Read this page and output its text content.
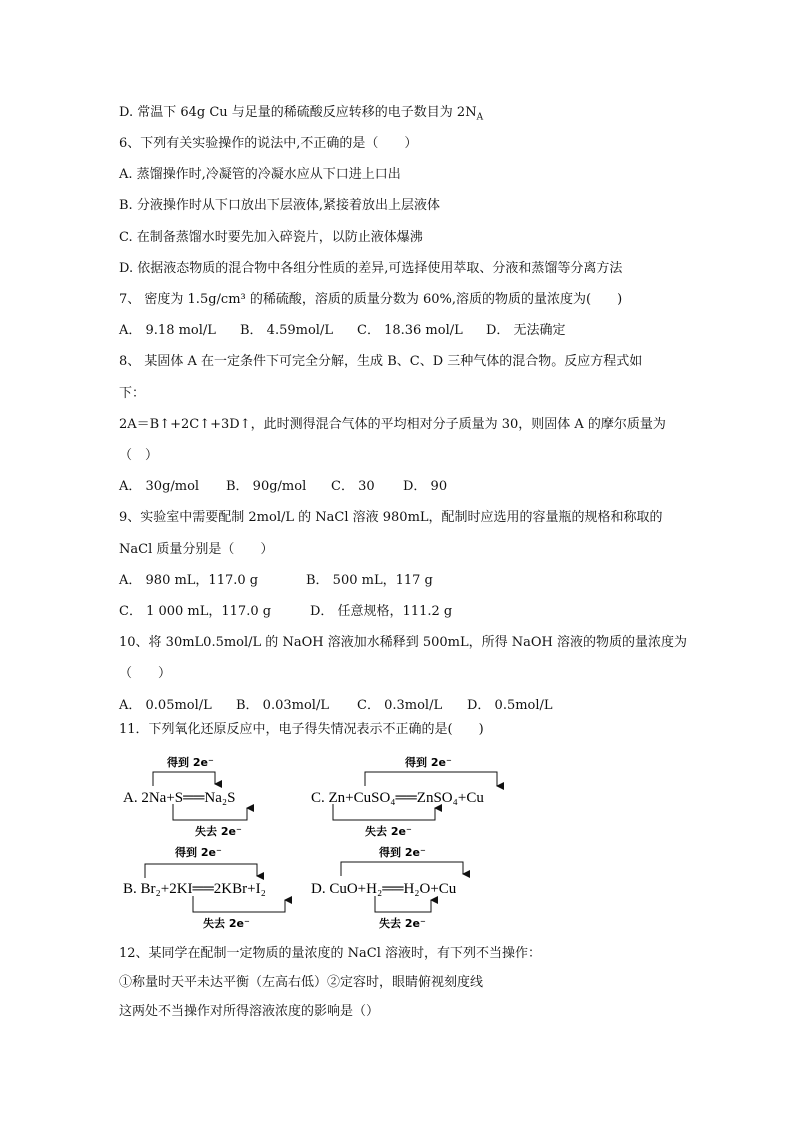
D. 常温下 64g Cu 与足量的稀硫酸反应转移的电子数目为 $2N_A$
6、下列有关实验操作的说法中,不正确的是（　　）
A. 蒸馏操作时,冷凝管的冷凝水应从下口进上口出
B. 分液操作时从下口放出下层液体,紧接着放出上层液体
C. 在制备蒸馏水时要先加入碎瓷片，以防止液体爆沸
D. 依据液态物质的混合物中各组分性质的差异,可选择使用萃取、分液和蒸馏等分离方法
7、 密度为 1.5g/cm³ 的稀硫酸，溶质的质量分数为 60%,溶质的物质的量浓度为(　　)
A． 9.18 mol/L B． 4.59mol/L C． 18.36 mol/L D． 无法确定
8、 某固体 A 在一定条件下可完全分解，生成 B、C、D 三种气体的混合物。反应方程式如
下：
2A＝B↑+2C↑+3D↑，此时测得混合气体的平均相对分子质量为 30，则固体 A 的摩尔质量为
（　）
A． 30g/mol B． 90g/mol C． 30 D． 90
9、实验室中需要配制 2mol/L 的 NaCl 溶液 980mL，配制时应选用的容量瓶的规格和称取的
NaCl 质量分别是（　　）
A． 980 mL，117.0 g	B． 500 mL，117 g
C． 1 000 mL，117.0 g	D． 任意规格，111.2 g
10、将 30mL0.5mol/L 的 NaOH 溶液加水稀释到 500mL，所得 NaOH 溶液的物质的量浓度为
（　　）
A． 0.05mol/L B． 0.03mol/L C． 0.3mol/L D． 0.5mol/L
11．下列氧化还原反应中，电子得失情况表示不正确的是(　　)
得到 2e⁻
A. 2Na+S══Na₂S
失去 2e⁻
得到 2e⁻
C. Zn+CuSO₄══ZnSO₄+Cu
失去 2e⁻
得到 2e⁻
B. Br₂+2KI══2KBr+I₂
失去 2e⁻
得到 2e⁻
D. CuO+H₂══H₂O+Cu
失去 2e⁻
12、某同学在配制一定物质的量浓度的 NaCl 溶液时，有下列不当操作：
①称量时天平未达平衡（左高右低）②定容时，眼睛俯视刻度线
这两处不当操作对所得溶液浓度的影响是（）
